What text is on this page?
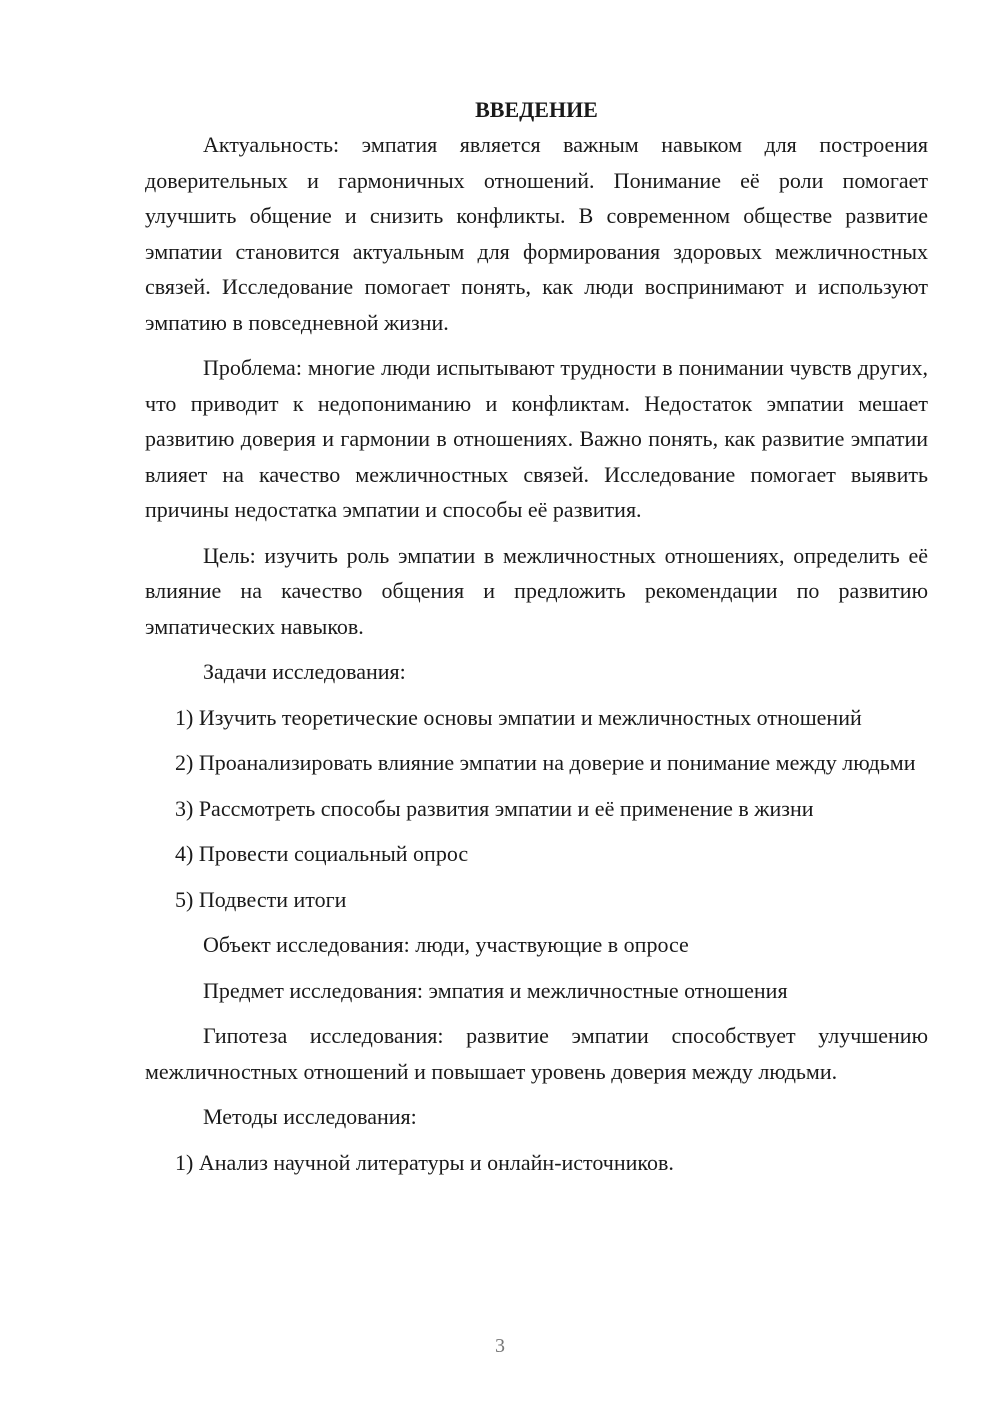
ВВЕДЕНИЕ

Актуальность: эмпатия является важным навыком для построения доверительных и гармоничных отношений. Понимание её роли помогает улучшить общение и снизить конфликты. В современном обществе развитие эмпатии становится актуальным для формирования здоровых межличностных связей. Исследование помогает понять, как люди воспринимают и используют эмпатию в повседневной жизни.

Проблема: многие люди испытывают трудности в понимании чувств других, что приводит к недопониманию и конфликтам. Недостаток эмпатии мешает развитию доверия и гармонии в отношениях. Важно понять, как развитие эмпатии влияет на качество межличностных связей. Исследование помогает выявить причины недостатка эмпатии и способы её развития.

Цель: изучить роль эмпатии в межличностных отношениях, определить её влияние на качество общения и предложить рекомендации по развитию эмпатических навыков.

Задачи исследования:

1) Изучить теоретические основы эмпатии и межличностных отношений

2) Проанализировать влияние эмпатии на доверие и понимание между людьми

3) Рассмотреть способы развития эмпатии и её применение в жизни

4) Провести социальный опрос

5) Подвести итоги

Объект исследования: люди, участвующие в опросе

Предмет исследования: эмпатия и межличностные отношения

Гипотеза исследования: развитие эмпатии способствует улучшению межличностных отношений и повышает уровень доверия между людьми.

Методы исследования:

1) Анализ научной литературы и онлайн-источников.

3
